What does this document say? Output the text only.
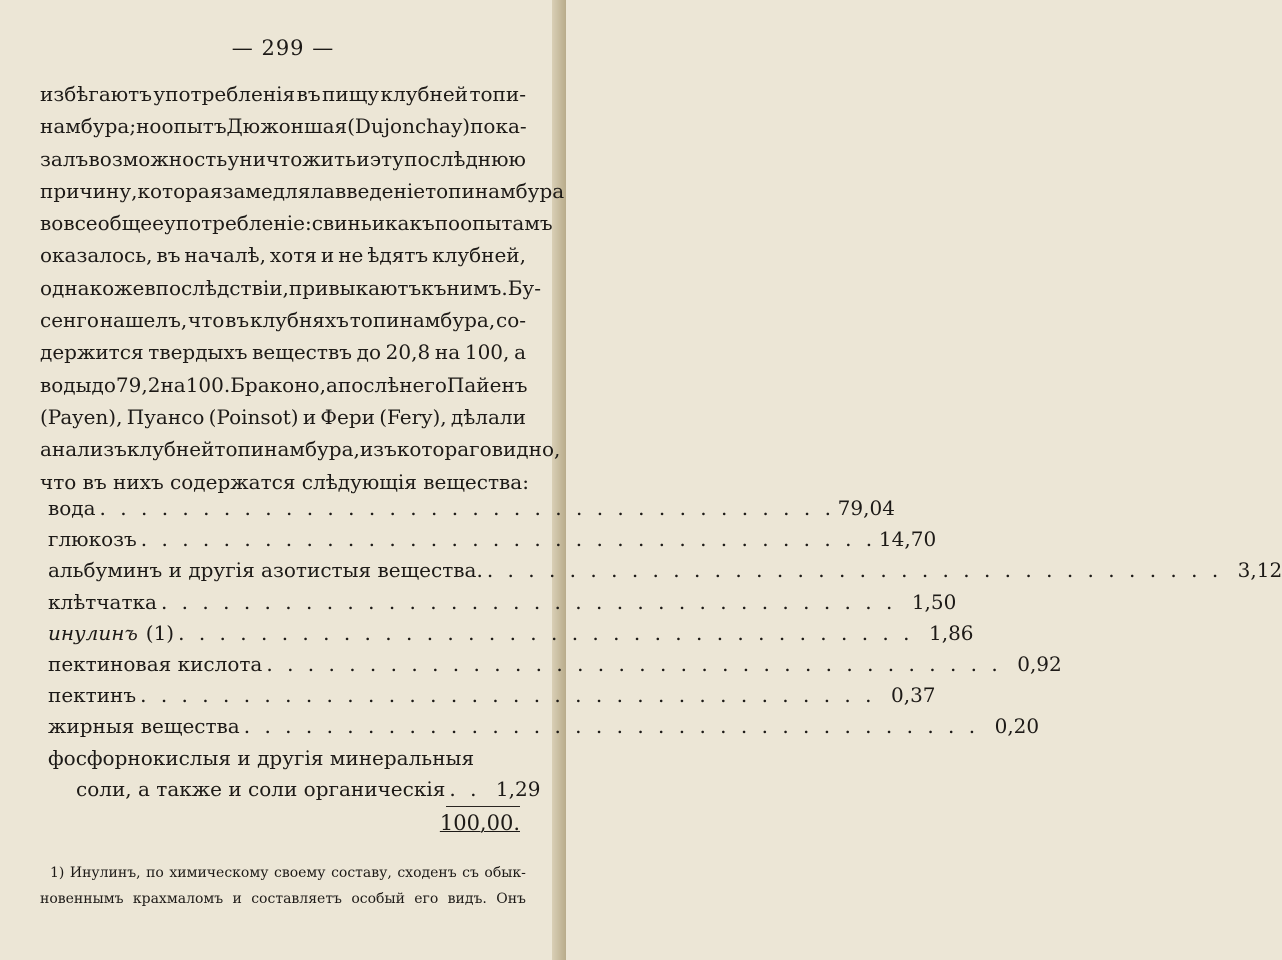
— 299 —
избѣгаютъ употребленія въ пищу клубней топи-
намбура; но опытъ Дюжоншая (Dujonchay) пока-
залъ возможность уничтожить и эту послѣднюю
причину, которая замедляла введеніе топинамбура
во всеобщее употребленіе: свиньи какъ по опытамъ
оказалось, въ началѣ, хотя и не ѣдятъ клубней,
однакоже впослѣдствіи, привыкаютъ къ нимъ. Бу-
сенго нашелъ, что въ клубняхъ топинамбура, со-
держится твердыхъ веществъ до 20,8 на 100, а
воды до 79,2 на 100. Браконо, а послѣ него Пайенъ
(Payen), Пуансо (Poinsot) и Фери (Fery), дѣлали
анализъ клубней топинамбура, изъ котораго видно,
что въ нихъ содержатся слѣдующія вещества:
вода . . . . . . . . . . . . . . . . . . . . . . . . . . . . . . . . . . . . 79,04
глюкозъ . . . . . . . . . . . . . . . . . . . . . . . . . . . . . . . . . . . . 14,70
альбуминъ и другія азотистыя вещества. . . . . . . . . . . . . . . . . . . . . . . . . . . . . . . . . . . . . 3,12
клѣтчатка . . . . . . . . . . . . . . . . . . . . . . . . . . . . . . . . . . . . 1,50
инулинъ (1) . . . . . . . . . . . . . . . . . . . . . . . . . . . . . . . . . . . . 1,86
пектиновая кислота . . . . . . . . . . . . . . . . . . . . . . . . . . . . . . . . . . . . 0,92
пектинъ . . . . . . . . . . . . . . . . . . . . . . . . . . . . . . . . . . . . 0,37
жирныя вещества . . . . . . . . . . . . . . . . . . . . . . . . . . . . . . . . . . . . 0,20
фосфорнокислыя и другія минеральныя
соли, а также и соли органическія . . 1,29
100,00.
1) Инулинъ, по химическому своему составу, сходенъ съ обык-
новеннымъ крахмаломъ и составляетъ особый его видъ. Онъ
